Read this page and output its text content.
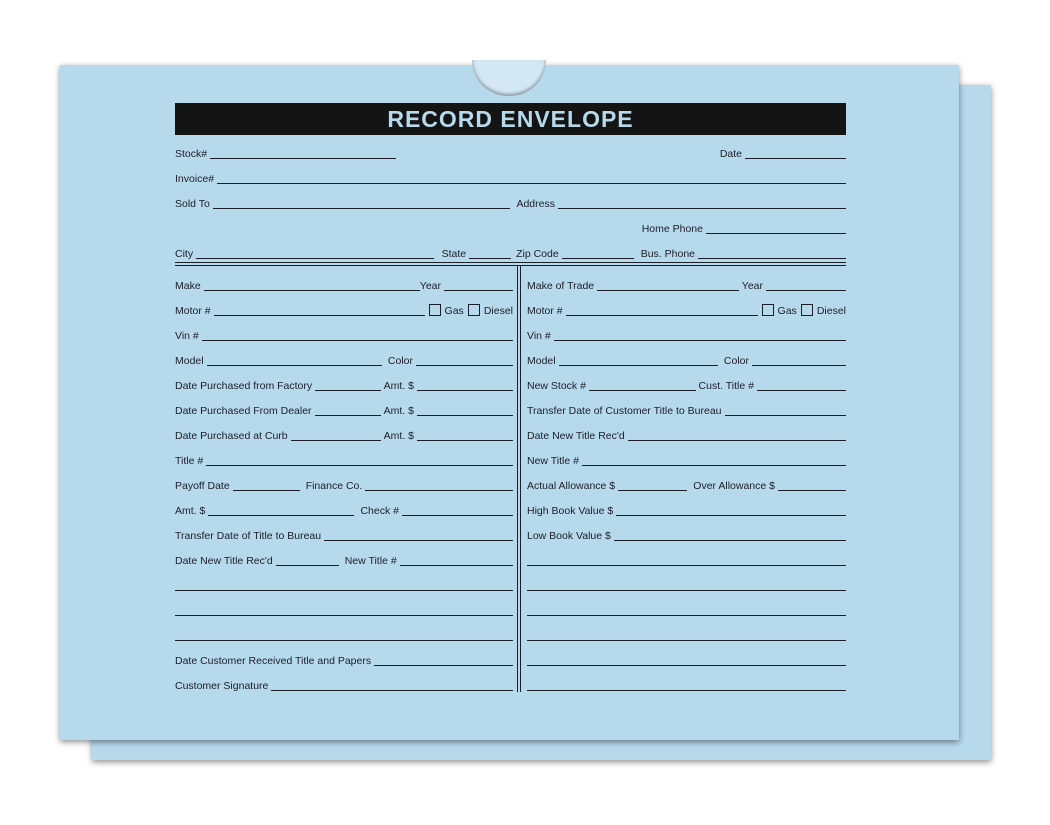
RECORD ENVELOPE
Stock#	Date
Invoice#
Sold To	Address
Home Phone
City	State	Zip Code	Bus. Phone
Make	Year
Motor #	Gas Diesel
Vin #
Model	Color
Date Purchased from Factory	Amt. $
Date Purchased From Dealer	Amt. $
Date Purchased at Curb	Amt. $
Title #
Payoff Date	Finance Co.
Amt. $	Check #
Transfer Date of Title to Bureau
Date New Title Rec'd	New Title #
Date Customer Received Title and Papers
Customer Signature
Make of Trade	Year
Motor #	Gas Diesel
Vin #
Model	Color
New Stock #	Cust. Title #
Transfer Date of Customer Title to Bureau
Date New Title Rec'd
New Title #
Actual Allowance $	Over Allowance $
High Book Value $
Low Book Value $
